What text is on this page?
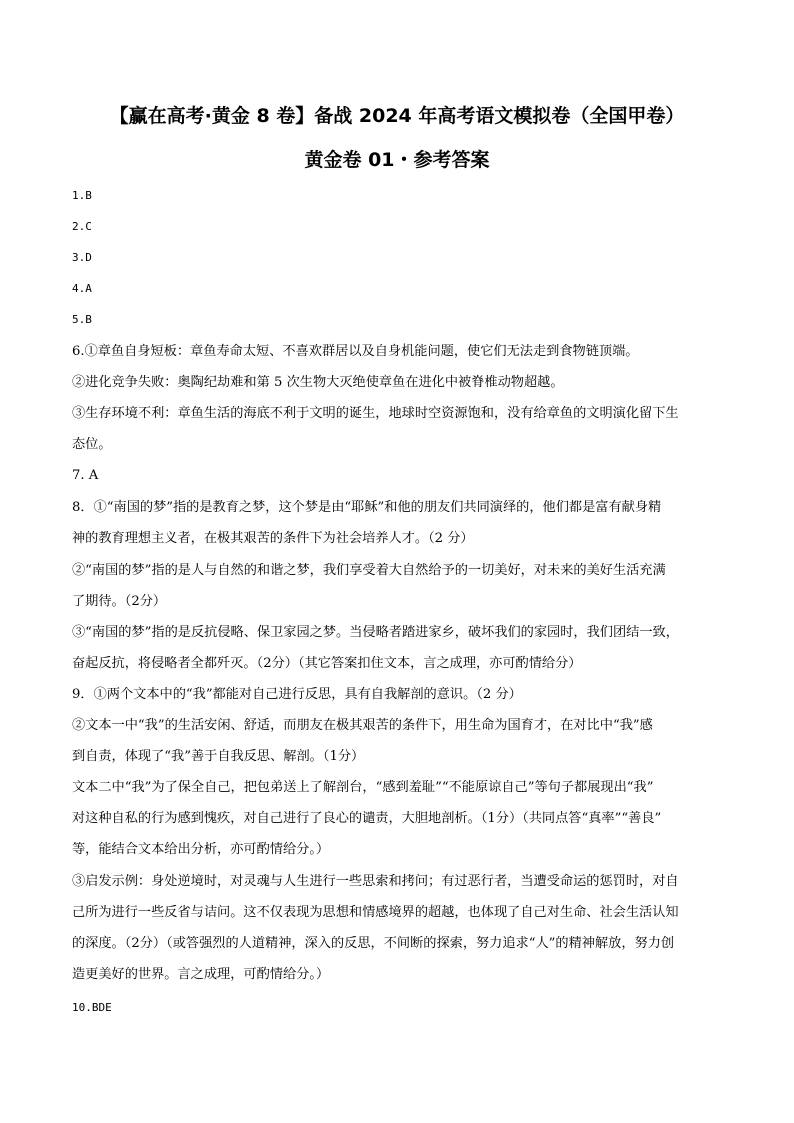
【赢在高考·黄金 8 卷】备战 2024 年高考语文模拟卷（全国甲卷）
黄金卷 01・参考答案
1.B
2.C
3.D
4.A
5.B
6.①章鱼自身短板：章鱼寿命太短、不喜欢群居以及自身机能问题，使它们无法走到食物链顶端。
②进化竞争失败：奥陶纪劫难和第 5 次生物大灭绝使章鱼在进化中被脊椎动物超越。
③生存环境不利：章鱼生活的海底不利于文明的诞生，地球时空资源饱和，没有给章鱼的文明演化留下生
态位。
7. A
8．①“南国的梦”指的是教育之梦，这个梦是由“耶稣”和他的朋友们共同演绎的，他们都是富有献身精
神的教育理想主义者，在极其艰苦的条件下为社会培养人才。（2 分）
②“南国的梦”指的是人与自然的和谐之梦，我们享受着大自然给予的一切美好，对未来的美好生活充满
了期待。（2分）
③“南国的梦”指的是反抗侵略、保卫家园之梦。当侵略者踏进家乡，破坏我们的家园时，我们团结一致，
奋起反抗，将侵略者全都歼灭。（2分）（其它答案扣住文本，言之成理，亦可酌情给分）
9．①两个文本中的“我”都能对自己进行反思，具有自我解剖的意识。（2 分）
②文本一中“我”的生活安闲、舒适，而朋友在极其艰苦的条件下，用生命为国育才，在对比中“我”感
到自责，体现了“我”善于自我反思、解剖。（1分）
文本二中“我”为了保全自己，把包弟送上了解剖台，“感到羞耻”“不能原谅自己”等句子都展现出“我”
对这种自私的行为感到愧疚，对自己进行了良心的谴责，大胆地剖析。（1分）（共同点答“真率”“善良”
等，能结合文本给出分析，亦可酌情给分。）
③启发示例：身处逆境时，对灵魂与人生进行一些思索和拷问；有过恶行者，当遭受命运的惩罚时，对自
己所为进行一些反省与诘问。这不仅表现为思想和情感境界的超越，也体现了自己对生命、社会生活认知
的深度。（2分）（或答强烈的人道精神，深入的反思，不间断的探索，努力追求“人”的精神解放，努力创
造更美好的世界。言之成理，可酌情给分。）
10.BDE
